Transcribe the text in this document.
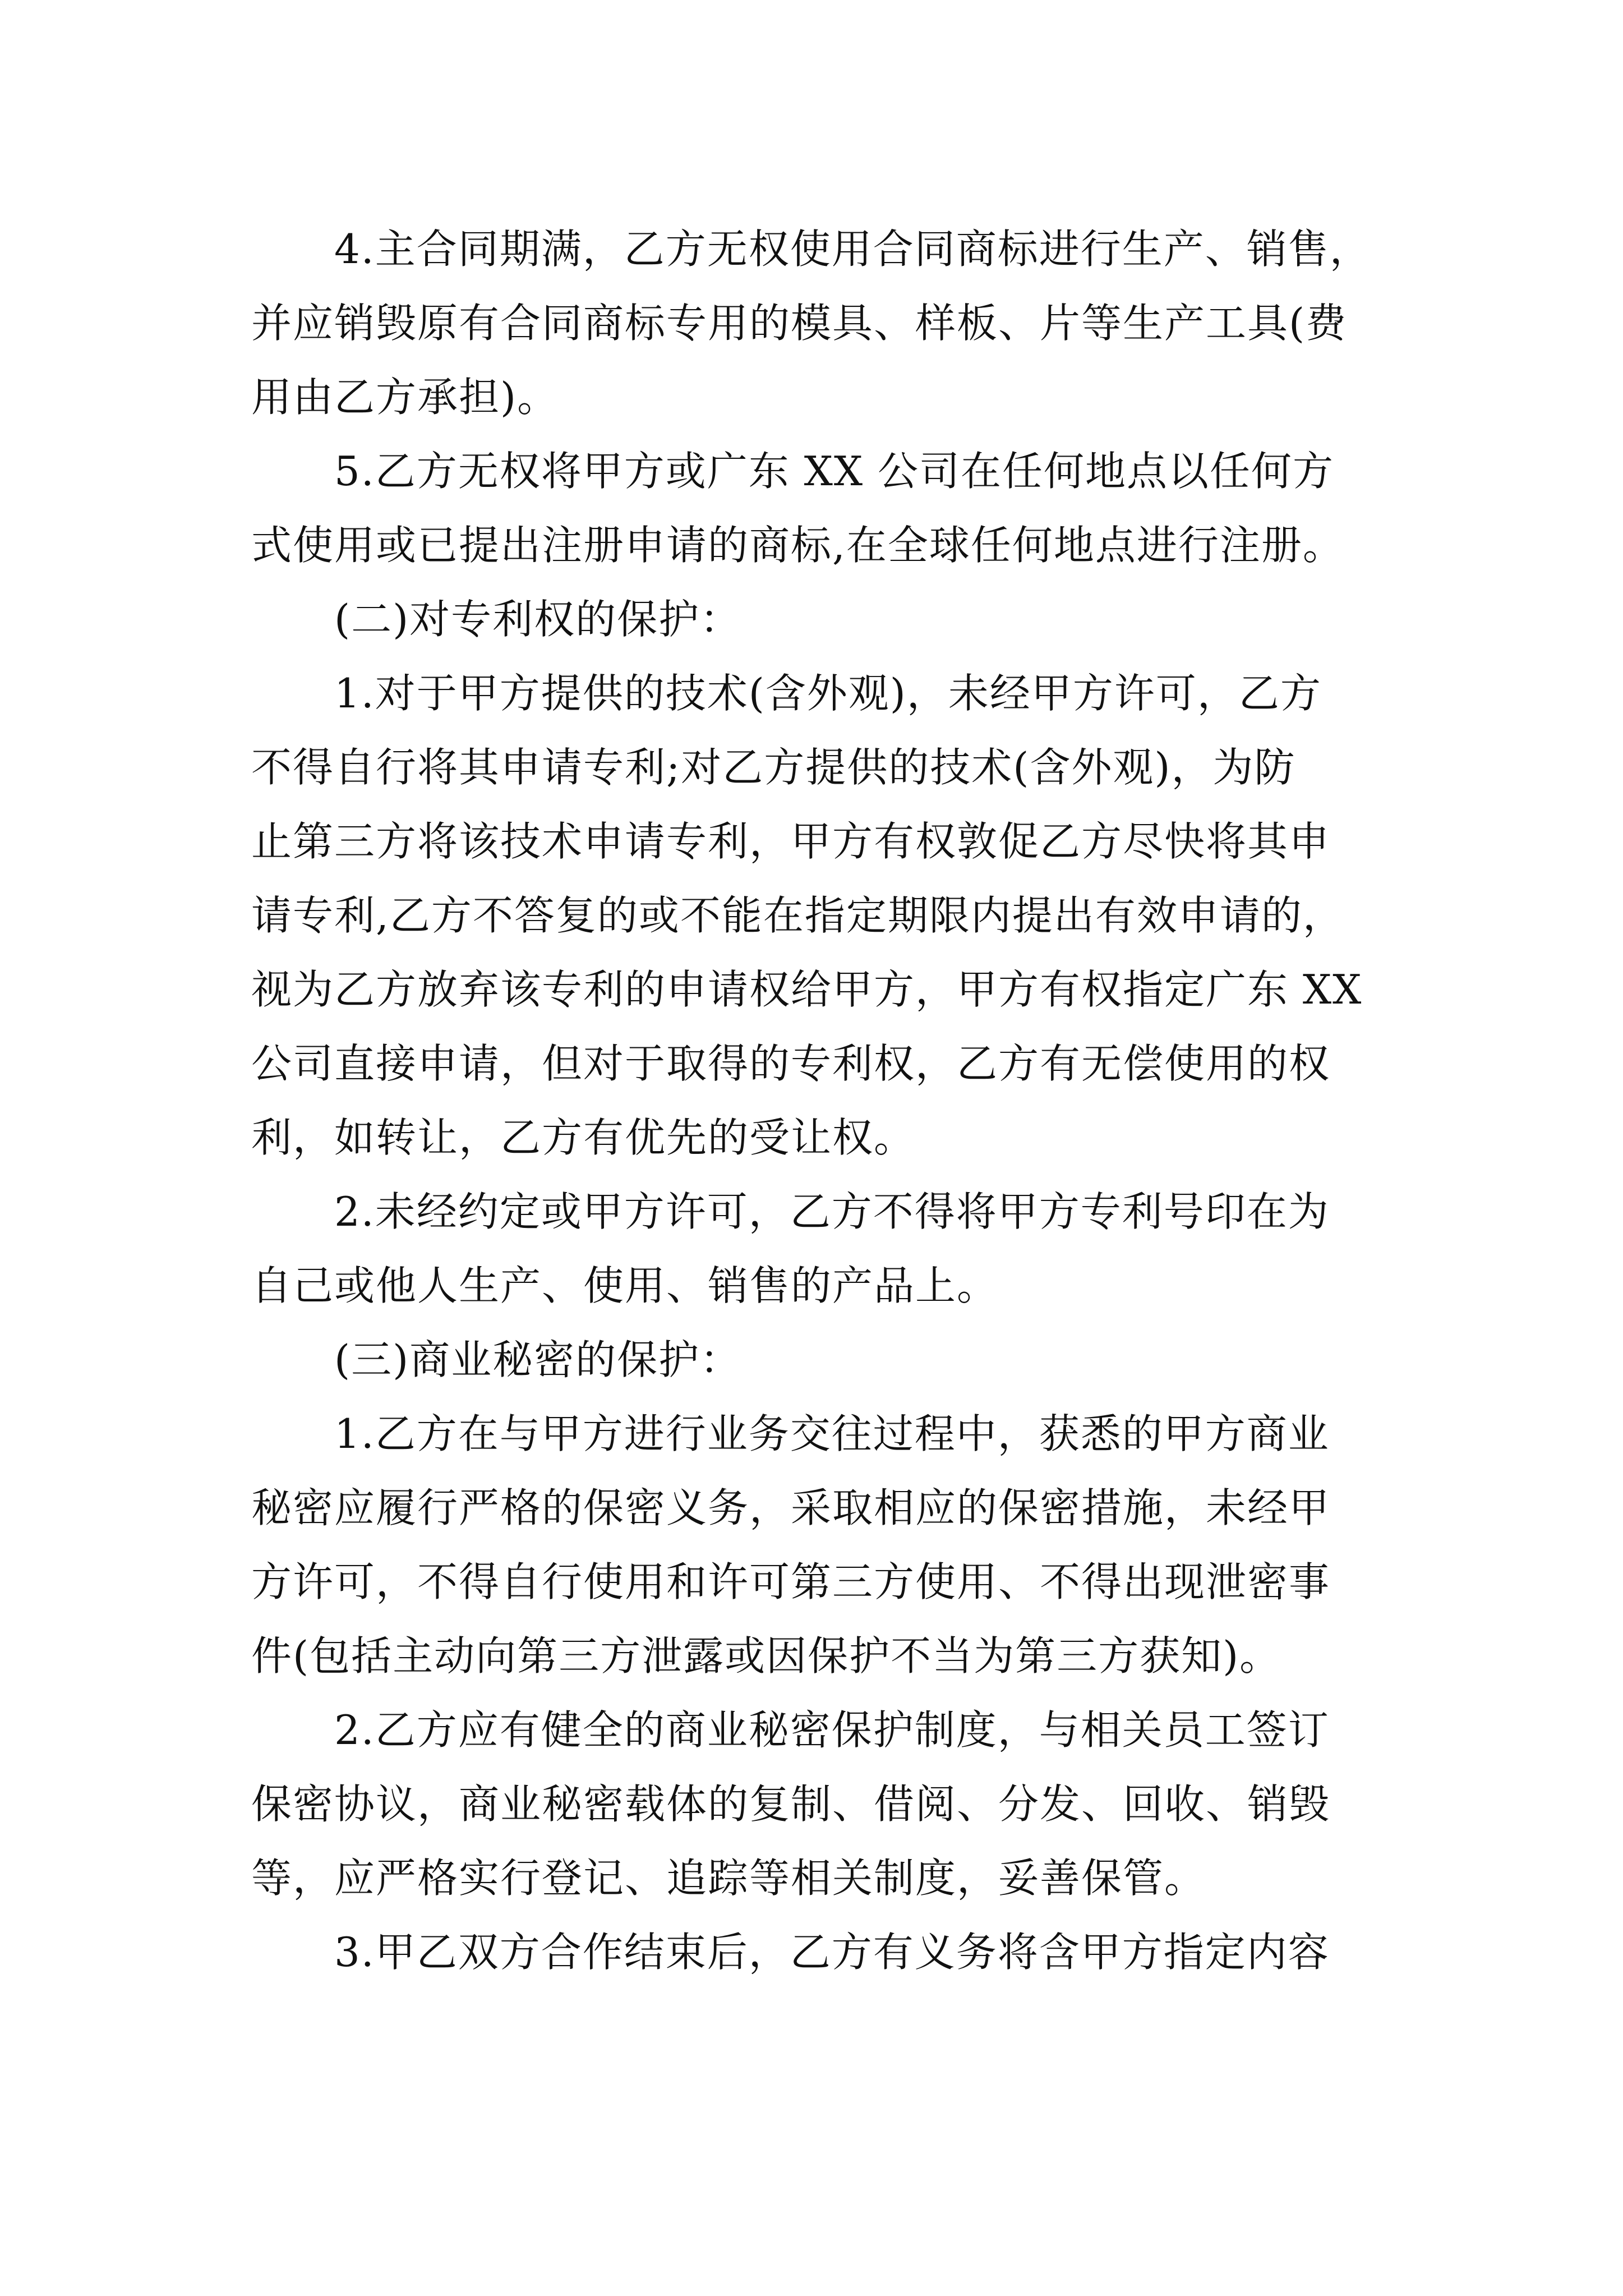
4.主合同期满，乙方无权使用合同商标进行生产、销售，
并应销毁原有合同商标专用的模具、样板、片等生产工具(费
用由乙方承担)。
5.乙方无权将甲方或广东 XX 公司在任何地点以任何方
式使用或已提出注册申请的商标,在全球任何地点进行注册。
(二)对专利权的保护：
1.对于甲方提供的技术(含外观)，未经甲方许可，乙方
不得自行将其申请专利;对乙方提供的技术(含外观)，为防
止第三方将该技术申请专利，甲方有权敦促乙方尽快将其申
请专利,乙方不答复的或不能在指定期限内提出有效申请的，
视为乙方放弃该专利的申请权给甲方，甲方有权指定广东 XX
公司直接申请，但对于取得的专利权，乙方有无偿使用的权
利，如转让，乙方有优先的受让权。
2.未经约定或甲方许可，乙方不得将甲方专利号印在为
自己或他人生产、使用、销售的产品上。
(三)商业秘密的保护：
1.乙方在与甲方进行业务交往过程中，获悉的甲方商业
秘密应履行严格的保密义务，采取相应的保密措施，未经甲
方许可，不得自行使用和许可第三方使用、不得出现泄密事
件(包括主动向第三方泄露或因保护不当为第三方获知)。
2.乙方应有健全的商业秘密保护制度，与相关员工签订
保密协议，商业秘密载体的复制、借阅、分发、回收、销毁
等，应严格实行登记、追踪等相关制度，妥善保管。
3.甲乙双方合作结束后，乙方有义务将含甲方指定内容
